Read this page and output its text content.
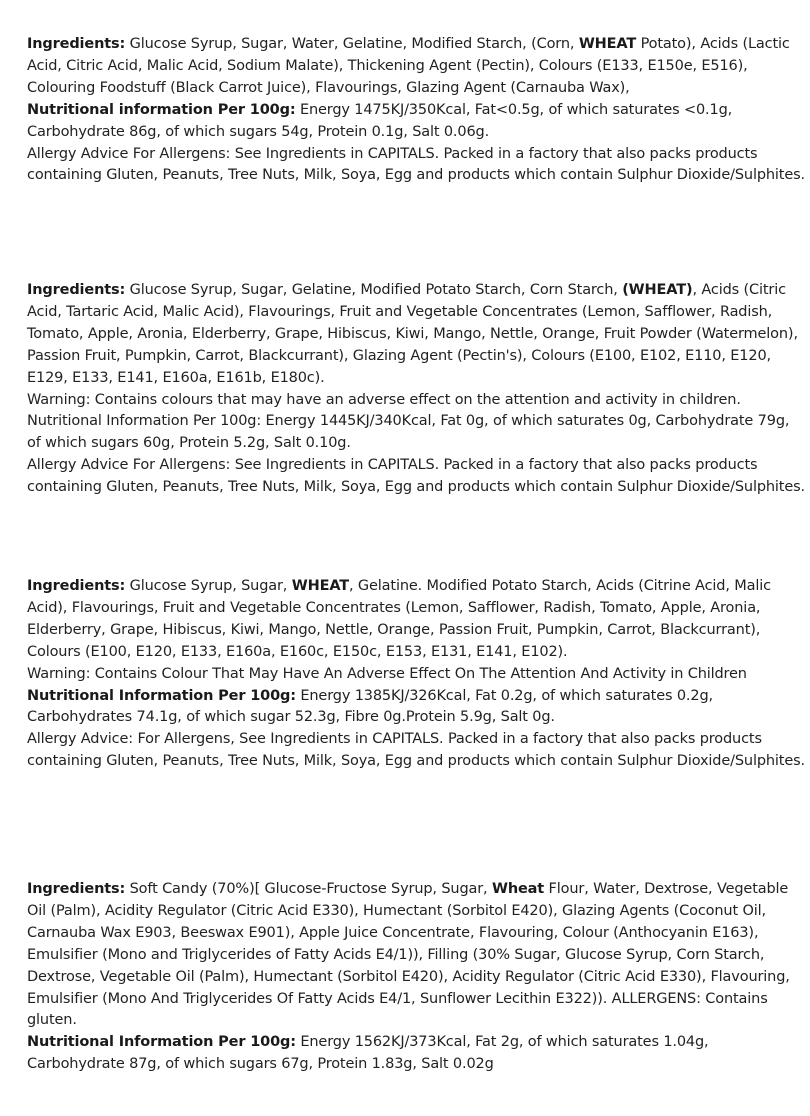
Ingredients: Glucose Syrup, Sugar, Water, Gelatine, Modified Starch, (Corn, WHEAT Potato), Acids (Lactic Acid, Citric Acid, Malic Acid, Sodium Malate), Thickening Agent (Pectin), Colours (E133, E150e, E516), Colouring Foodstuff (Black Carrot Juice), Flavourings, Glazing Agent (Carnauba Wax),

Nutritional information Per 100g: Energy 1475KJ/350Kcal, Fat<0.5g, of which saturates <0.1g, Carbohydrate 86g, of which sugars 54g, Protein 0.1g, Salt 0.06g.

Allergy Advice For Allergens: See Ingredients in CAPITALS. Packed in a factory that also packs products containing Gluten, Peanuts, Tree Nuts, Milk, Soya, Egg and products which contain Sulphur Dioxide/Sulphites.

Ingredients: Glucose Syrup, Sugar, Gelatine, Modified Potato Starch, Corn Starch, (WHEAT), Acids (Citric Acid, Tartaric Acid, Malic Acid), Flavourings, Fruit and Vegetable Concentrates (Lemon, Safflower, Radish, Tomato, Apple, Aronia, Elderberry, Grape, Hibiscus, Kiwi, Mango, Nettle, Orange, Fruit Powder (Watermelon), Passion Fruit, Pumpkin, Carrot, Blackcurrant), Glazing Agent (Pectin's), Colours (E100, E102, E110, E120, E129, E133, E141, E160a, E161b, E180c).

Warning: Contains colours that may have an adverse effect on the attention and activity in children.

Nutritional Information Per 100g: Energy 1445KJ/340Kcal, Fat 0g, of which saturates 0g, Carbohydrate 79g, of which sugars 60g, Protein 5.2g, Salt 0.10g.

Allergy Advice For Allergens: See Ingredients in CAPITALS. Packed in a factory that also packs products containing Gluten, Peanuts, Tree Nuts, Milk, Soya, Egg and products which contain Sulphur Dioxide/Sulphites.

Ingredients: Glucose Syrup, Sugar, WHEAT, Gelatine. Modified Potato Starch, Acids (Citrine Acid, Malic Acid), Flavourings, Fruit and Vegetable Concentrates (Lemon, Safflower, Radish, Tomato, Apple, Aronia, Elderberry, Grape, Hibiscus, Kiwi, Mango, Nettle, Orange, Passion Fruit, Pumpkin, Carrot, Blackcurrant), Colours (E100, E120, E133, E160a, E160c, E150c, E153, E131, E141, E102).

Warning: Contains Colour That May Have An Adverse Effect On The Attention And Activity in Children

Nutritional Information Per 100g: Energy 1385KJ/326Kcal, Fat 0.2g, of which saturates 0.2g, Carbohydrates 74.1g, of which sugar 52.3g, Fibre 0g.Protein 5.9g, Salt 0g.

Allergy Advice: For Allergens, See Ingredients in CAPITALS. Packed in a factory that also packs products containing Gluten, Peanuts, Tree Nuts, Milk, Soya, Egg and products which contain Sulphur Dioxide/Sulphites.

Ingredients: Soft Candy (70%)[ Glucose-Fructose Syrup, Sugar, Wheat Flour, Water, Dextrose, Vegetable Oil (Palm), Acidity Regulator (Citric Acid E330), Humectant (Sorbitol E420), Glazing Agents (Coconut Oil, Carnauba Wax E903, Beeswax E901), Apple Juice Concentrate, Flavouring, Colour (Anthocyanin E163), Emulsifier (Mono and Triglycerides of Fatty Acids E4/1)), Filling (30% Sugar, Glucose Syrup, Corn Starch, Dextrose, Vegetable Oil (Palm), Humectant (Sorbitol E420), Acidity Regulator (Citric Acid E330), Flavouring, Emulsifier (Mono And Triglycerides Of Fatty Acids E4/1, Sunflower Lecithin E322)). ALLERGENS: Contains gluten.

Nutritional Information Per 100g: Energy 1562KJ/373Kcal, Fat 2g, of which saturates 1.04g, Carbohydrate 87g, of which sugars 67g, Protein 1.83g, Salt 0.02g
